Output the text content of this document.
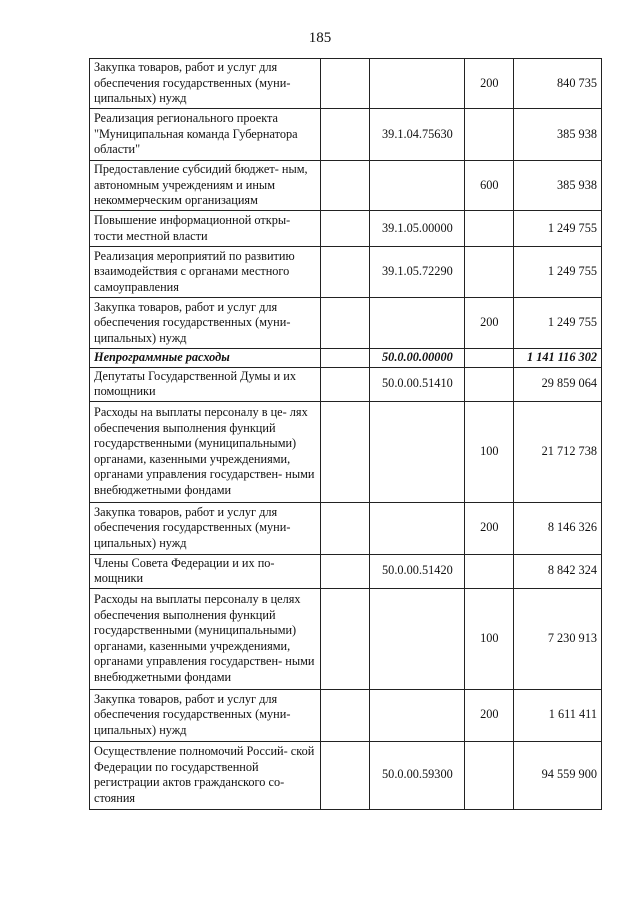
185
Закупка товаров, работ и услуг для обеспечения государственных (муни- ципальных) нужд			200	840 735
Реализация регионального проекта "Муниципальная команда Губернатора области"		39.1.04.75630		385 938
Предоставление субсидий бюджет- ным, автономным учреждениям и иным некоммерческим организациям			600	385 938
Повышение информационной откры- тости местной власти		39.1.05.00000		1 249 755
Реализация мероприятий по развитию взаимодействия с органами местного самоуправления		39.1.05.72290		1 249 755
Закупка товаров, работ и услуг для обеспечения государственных (муни- ципальных) нужд			200	1 249 755
Непрограммные расходы		50.0.00.00000		1 141 116 302
Депутаты Государственной Думы и их помощники		50.0.00.51410		29 859 064
Расходы на выплаты персоналу в це- лях обеспечения выполнения функций государственными (муниципальными) органами, казенными учреждениями, органами управления государствен- ными внебюджетными фондами			100	21 712 738
Закупка товаров, работ и услуг для обеспечения государственных (муни- ципальных) нужд			200	8 146 326
Члены Совета Федерации и их по- мощники		50.0.00.51420		8 842 324
Расходы на выплаты персоналу в целях обеспечения выполнения функций государственными (муниципальными) органами, казенными учреждениями, органами управления государствен- ными внебюджетными фондами			100	7 230 913
Закупка товаров, работ и услуг для обеспечения государственных (муни- ципальных) нужд			200	1 611 411
Осуществление полномочий Россий- ской Федерации по государственной регистрации актов гражданского со- стояния		50.0.00.59300		94 559 900
